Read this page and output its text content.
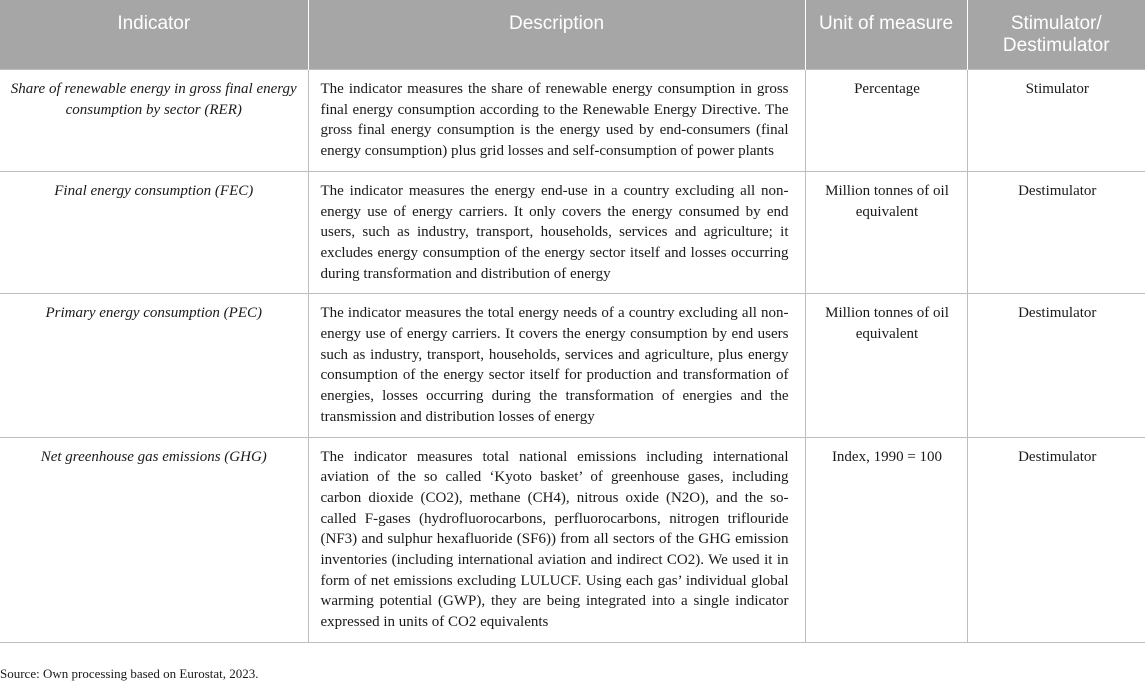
Indicator	Description	Unit of measure	Stimulator/ Destimulator
Share of renewable energy in gross final energy consumption by sector (RER)	The indicator measures the share of renewable energy consumption in gross final energy consumption according to the Renewable Energy Directive. The gross final energy consumption is the energy used by end-consumers (final energy consumption) plus grid losses and self-consumption of power plants	Percentage	Stimulator
Final energy consumption (FEC)	The indicator measures the energy end-use in a country excluding all non-energy use of energy carriers. It only covers the energy consumed by end users, such as industry, transport, households, services and agriculture; it excludes energy consumption of the energy sector itself and losses occurring during transformation and distribution of energy	Million tonnes of oil equivalent	Destimulator
Primary energy consumption (PEC)	The indicator measures the total energy needs of a country excluding all non-energy use of energy carriers. It covers the energy consumption by end users such as industry, transport, households, services and agriculture, plus energy consumption of the energy sector itself for production and transformation of energies, losses occurring during the transformation of energies and the transmission and distribution losses of energy	Million tonnes of oil equivalent	Destimulator
Net greenhouse gas emissions (GHG)	The indicator measures total national emissions including international aviation of the so called ‘Kyoto basket’ of greenhouse gases, including carbon dioxide (CO2), methane (CH4), nitrous oxide (N2O), and the so-called F-gases (hydrofluorocarbons, perfluorocarbons, nitrogen triflouride (NF3) and sulphur hexafluoride (SF6)) from all sectors of the GHG emission inventories (including international aviation and indirect CO2). We used it in form of net emissions excluding LULUCF. Using each gas’ individual global warming potential (GWP), they are being integrated into a single indicator expressed in units of CO2 equivalents	Index, 1990 = 100	Destimulator
Source: Own processing based on Eurostat, 2023.
